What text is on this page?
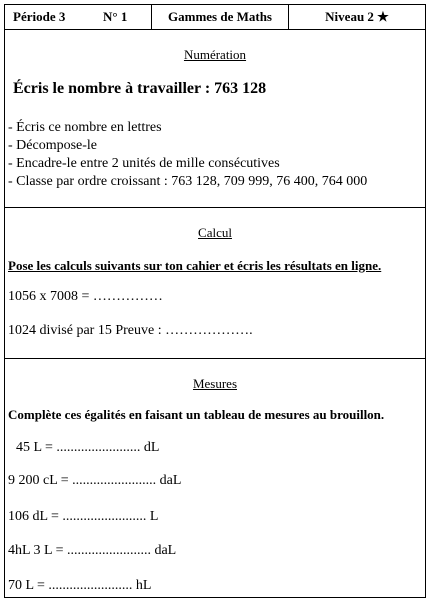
Période 3	N° 1	Gammes de Maths	Niveau 2 ★
Numération
Écris le nombre à travailler : 763 128
- Écris ce nombre en lettres
- Décompose-le
- Encadre-le entre 2 unités de mille consécutives
- Classe par ordre croissant : 763 128, 709 999, 76 400, 764 000
Calcul
Pose les calculs suivants sur ton cahier et écris les résultats en ligne.
1056 x 7008 = ……………
1024 divisé par 15 Preuve : ……………….
Mesures
Complète ces égalités en faisant un tableau de mesures au brouillon.
45 L = ........................ dL
9 200 cL = ........................ daL
106 dL = ........................ L
4hL 3 L = ........................ daL
70 L = ........................ hL
